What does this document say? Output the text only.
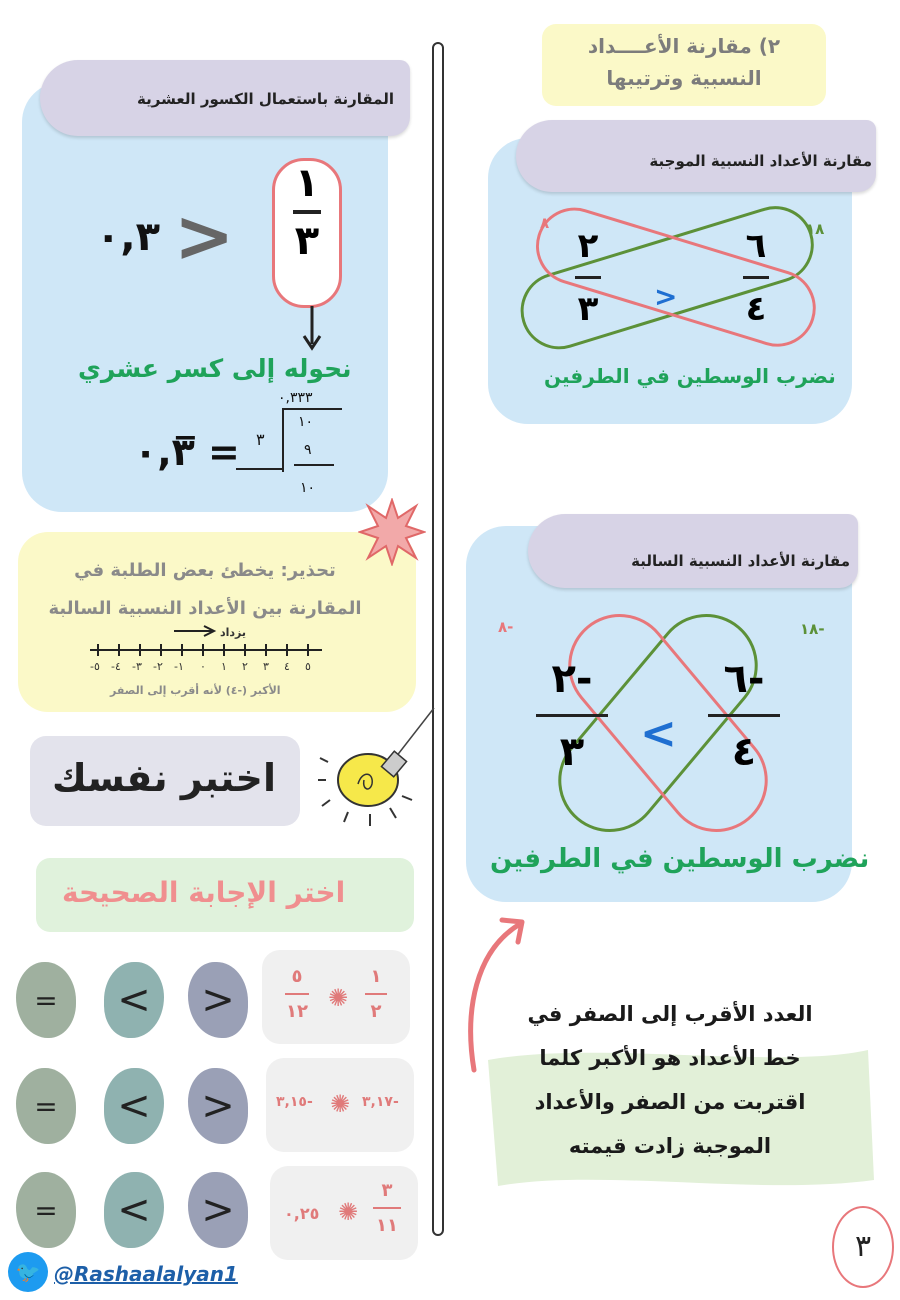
٢) مقارنة الأعــــداد
النسبية وترتيبها
مقارنة الأعداد النسبية الموجبة
٨	١٨
٢
٣
٦
٤
<
نضرب الوسطين في الطرفين
مقارنة الأعداد النسبية السالبة
-٨	-١٨
-٢
٣
-٦
٤
>
نضرب الوسطين في الطرفين
العدد الأقرب إلى الصفر في
خط الأعداد هو الأكبر كلما
اقتربت من الصفر والأعداد
الموجبة زادت قيمته
٣
المقارنة باستعمال الكسور العشرية
١
٣
<
٠,٣
نحوله إلى كسر عشري
٠,٣̅ =
٠,٣٣٣
٣
١٠
٩
١٠
تحذير: يخطئ بعض الطلبة في
المقارنة بين الأعداد النسبية السالبة
يزداد
-٥ -٤ -٣ -٢ -١ ٠ ١ ٢ ٣ ٤ ٥
الأكبر (-٤) لأنه أقرب إلى الصفر
اختبر نفسك
اختر الإجابة الصحيحة
١
٢
✺
٥
١٢
-٣,١٧
✺
-٣,١٥
٣
١١
✺
٠,٢٥
<
>
=
<
>
=
<
>
=
🐦 @Rashaalalyan1
